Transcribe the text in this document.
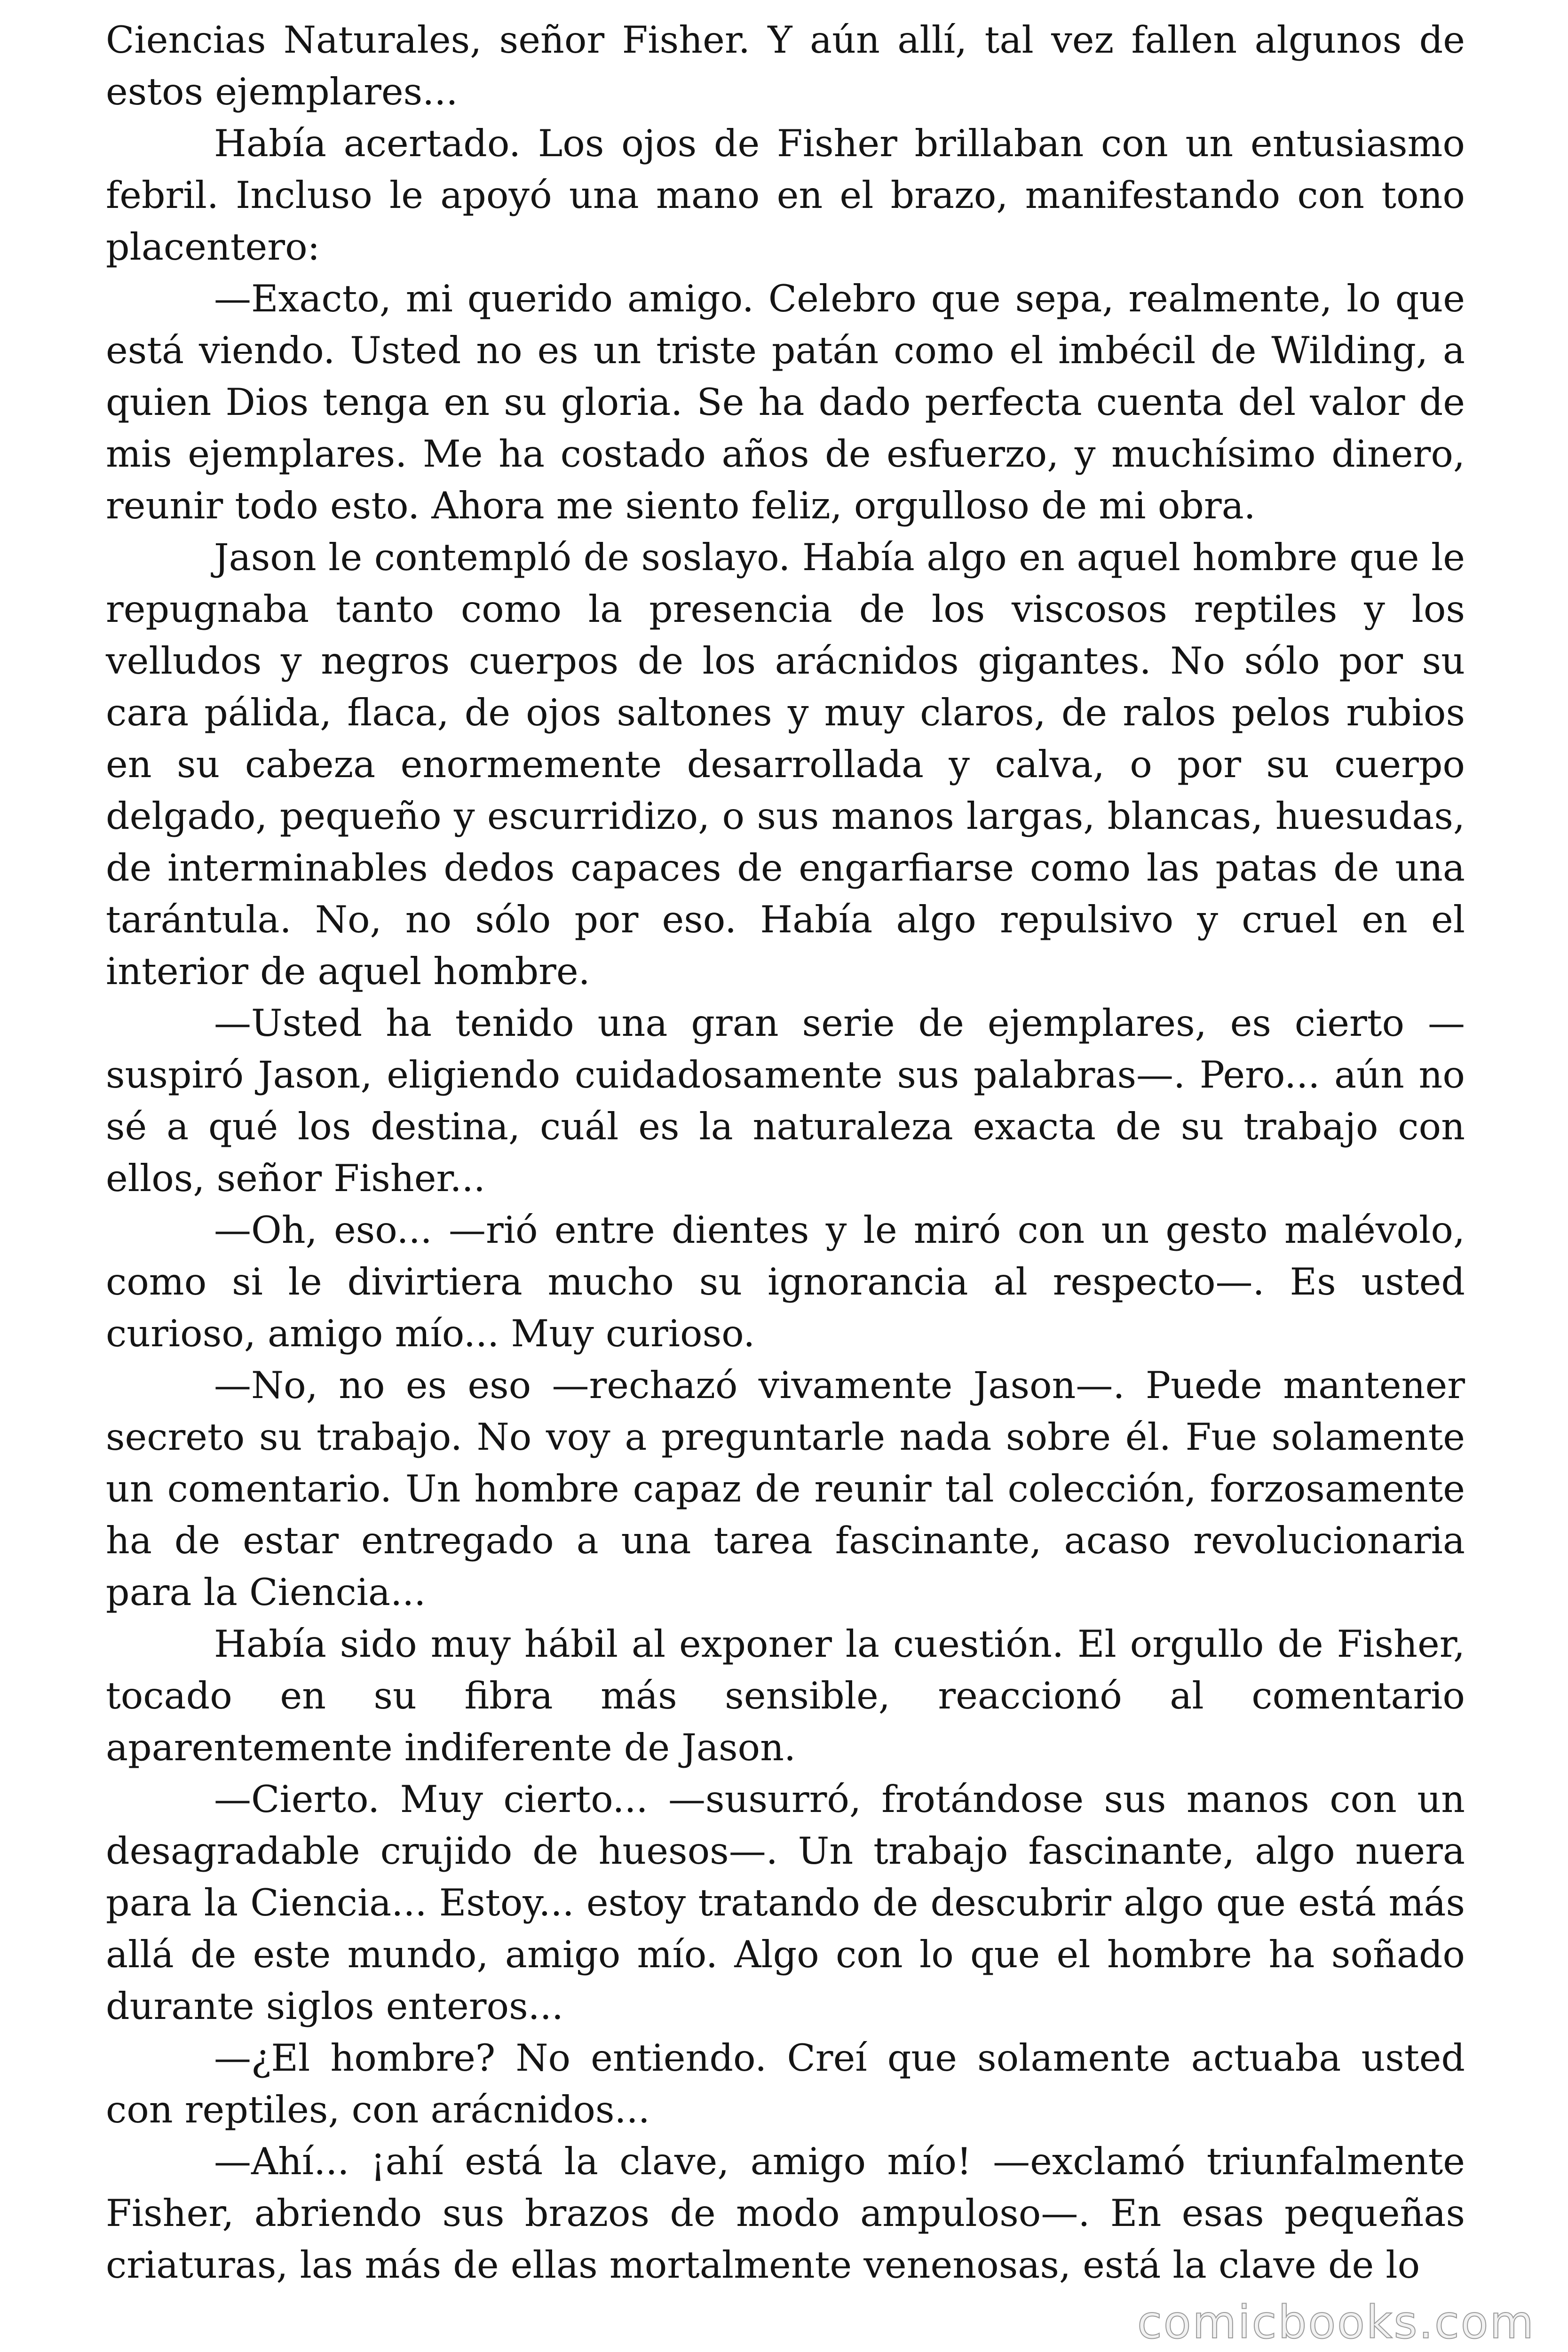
Ciencias Naturales, señor Fisher. Y aún allí, tal vez fallen algunos de estos ejemplares...

Había acertado. Los ojos de Fisher brillaban con un entusiasmo febril. Incluso le apoyó una mano en el brazo, manifestando con tono placentero:

—Exacto, mi querido amigo. Celebro que sepa, realmente, lo que está viendo. Usted no es un triste patán como el imbécil de Wilding, a quien Dios tenga en su gloria. Se ha dado perfecta cuenta del valor de mis ejemplares. Me ha costado años de esfuerzo, y muchísimo dinero, reunir todo esto. Ahora me siento feliz, orgulloso de mi obra.

Jason le contempló de soslayo. Había algo en aquel hombre que le repugnaba tanto como la presencia de los viscosos reptiles y los velludos y negros cuerpos de los arácnidos gigantes. No sólo por su cara pálida, flaca, de ojos saltones y muy claros, de ralos pelos rubios en su cabeza enormemente desarrollada y calva, o por su cuerpo delgado, pequeño y escurridizo, o sus manos largas, blancas, huesudas, de interminables dedos capaces de engarfiarse como las patas de una tarántula. No, no sólo por eso. Había algo repulsivo y cruel en el interior de aquel hombre.

—Usted ha tenido una gran serie de ejemplares, es cierto —suspiró Jason, eligiendo cuidadosamente sus palabras—. Pero... aún no sé a qué los destina, cuál es la naturaleza exacta de su trabajo con ellos, señor Fisher...

—Oh, eso... —rió entre dientes y le miró con un gesto malévolo, como si le divirtiera mucho su ignorancia al respecto—. Es usted curioso, amigo mío... Muy curioso.

—No, no es eso —rechazó vivamente Jason—. Puede mantener secreto su trabajo. No voy a preguntarle nada sobre él. Fue solamente un comentario. Un hombre capaz de reunir tal colección, forzosamente ha de estar entregado a una tarea fascinante, acaso revolucionaria para la Ciencia...

Había sido muy hábil al exponer la cuestión. El orgullo de Fisher, tocado en su fibra más sensible, reaccionó al comentario aparentemente indiferente de Jason.

—Cierto. Muy cierto... —susurró, frotándose sus manos con un desagradable crujido de huesos—. Un trabajo fascinante, algo nuera para la Ciencia... Estoy... estoy tratando de descubrir algo que está más allá de este mundo, amigo mío. Algo con lo que el hombre ha soñado durante siglos enteros...

—¿El hombre? No entiendo. Creí que solamente actuaba usted con reptiles, con arácnidos...

—Ahí... ¡ahí está la clave, amigo mío! —exclamó triunfalmente Fisher, abriendo sus brazos de modo ampuloso—. En esas pequeñas criaturas, las más de ellas mortalmente venenosas, está la clave de lo

comicbooks.com
